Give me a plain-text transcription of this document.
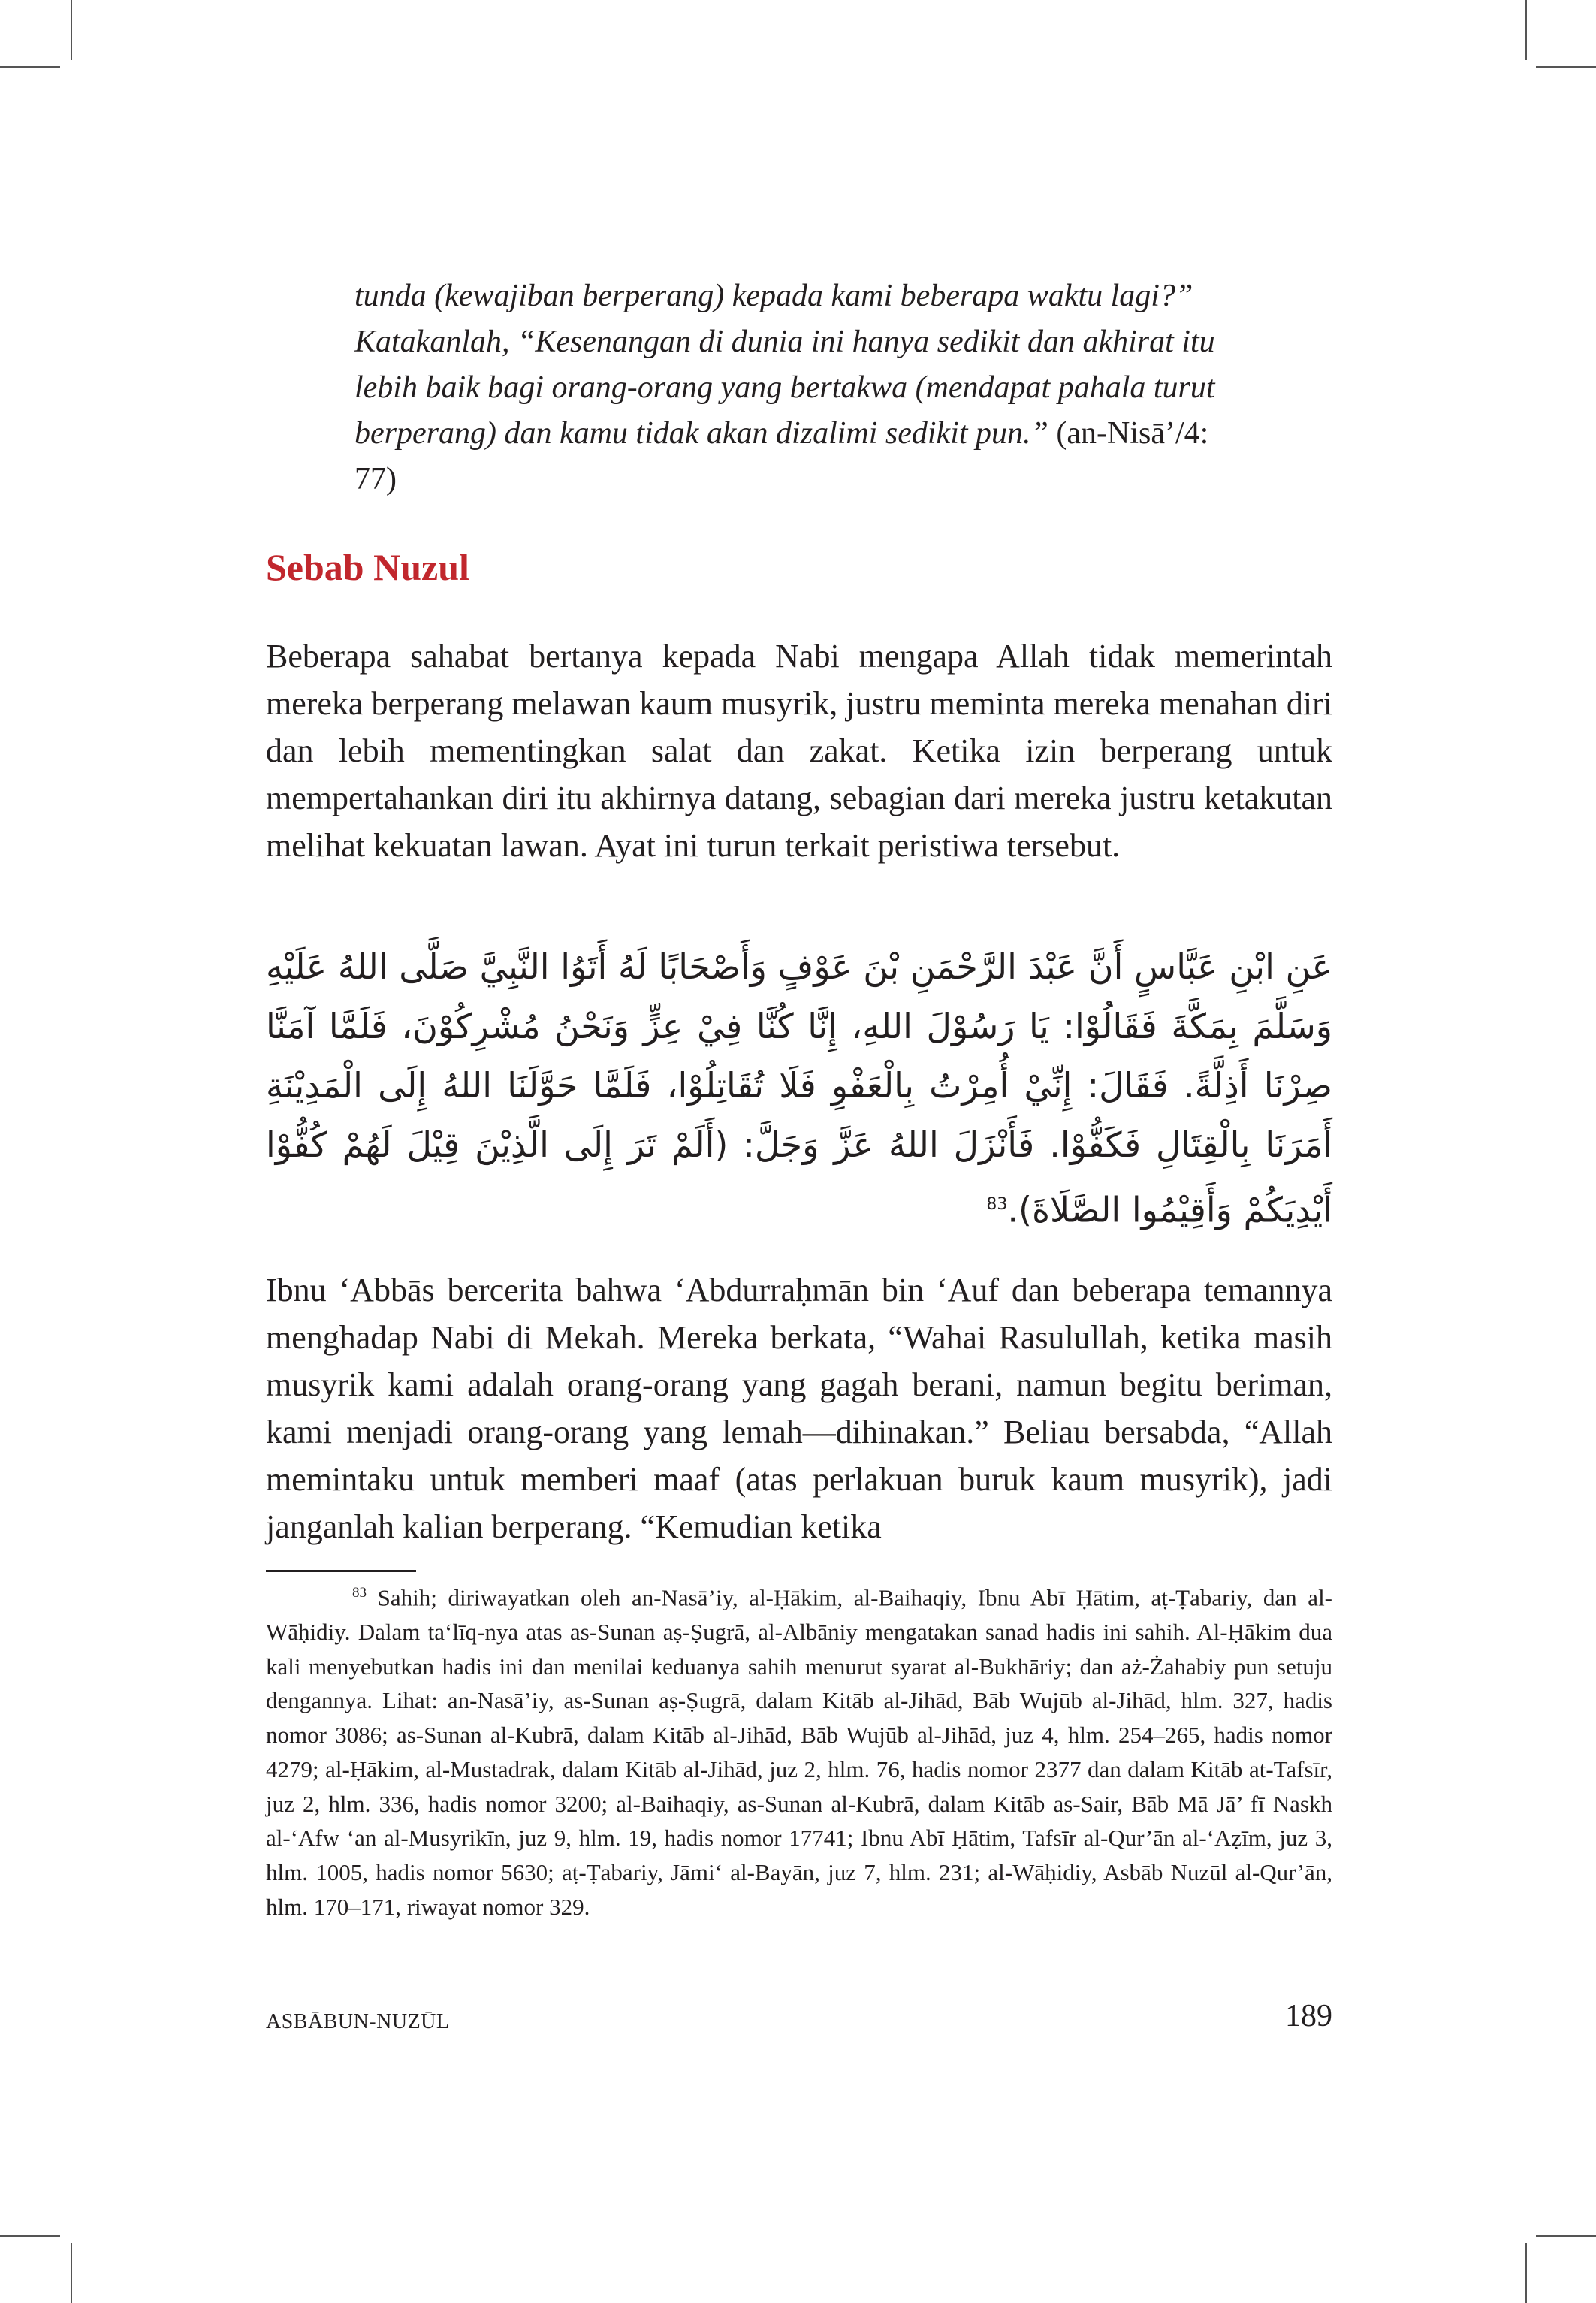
tunda (kewajiban berperang) kepada kami beberapa waktu lagi?” Katakanlah, “Kesenangan di dunia ini hanya sedikit dan akhirat itu lebih baik bagi orang-orang yang bertakwa (mendapat pahala turut berperang) dan kamu tidak akan dizalimi sedikit pun.” (an-Nisā’/4: 77)
Sebab Nuzul

Beberapa sahabat bertanya kepada Nabi mengapa Allah tidak memerintah mereka berperang melawan kaum musyrik, justru meminta mereka menahan diri dan lebih mementingkan salat dan zakat. Ketika izin berperang untuk mempertahankan diri itu akhirnya datang, sebagian dari mereka justru ketakutan melihat kekuatan lawan. Ayat ini turun terkait peristiwa tersebut.

عَنِ ابْنِ عَبَّاسٍ أَنَّ عَبْدَ الرَّحْمَنِ بْنَ عَوْفٍ وَأَصْحَابًا لَهُ أَتَوُا النَّبِيَّ صَلَّى اللهُ عَلَيْهِ وَسَلَّمَ بِمَكَّةَ فَقَالُوْا: يَا رَسُوْلَ اللهِ، إِنَّا كُنَّا فِيْ عِزٍّ وَنَحْنُ مُشْرِكُوْنَ، فَلَمَّا آمَنَّا صِرْنَا أَذِلَّةً. فَقَالَ: إِنِّيْ أُمِرْتُ بِالْعَفْوِ فَلَا تُقَاتِلُوْا، فَلَمَّا حَوَّلَنَا اللهُ إِلَى الْمَدِيْنَةِ أَمَرَنَا بِالْقِتَالِ فَكَفُّوْا. فَأَنْزَلَ اللهُ عَزَّ وَجَلَّ: (أَلَمْ تَرَ إِلَى الَّذِيْنَ قِيْلَ لَهُمْ كُفُّوْا أَيْدِيَكُمْ وَأَقِيْمُوا الصَّلَاةَ).$^{83}$

Ibnu ‘Abbās bercerita bahwa ‘Abdurraḥmān bin ‘Auf dan beberapa temannya menghadap Nabi di Mekah. Mereka berkata, “Wahai Rasulullah, ketika masih musyrik kami adalah orang-orang yang gagah berani, namun begitu beriman, kami menjadi orang-orang yang lemah—dihinakan.” Beliau bersabda, “Allah memintaku untuk memberi maaf (atas perlakuan buruk kaum musyrik), jadi janganlah kalian berperang. “Kemudian ketika

$^{83}$ Sahih; diriwayatkan oleh an-Nasā’iy, al-Ḥākim, al-Baihaqiy, Ibnu Abī Ḥātim, aṭ-Ṭabariy, dan al-Wāḥidiy. Dalam ta‘līq-nya atas as-Sunan aṣ-Ṣugrā, al-Albāniy mengatakan sanad hadis ini sahih. Al-Ḥākim dua kali menyebutkan hadis ini dan menilai keduanya sahih menurut syarat al-Bukhāriy; dan aż-Żahabiy pun setuju dengannya. Lihat: an-Nasā’iy, as-Sunan aṣ-Ṣugrā, dalam Kitāb al-Jihād, Bāb Wujūb al-Jihād, hlm. 327, hadis nomor 3086; as-Sunan al-Kubrā, dalam Kitāb al-Jihād, Bāb Wujūb al-Jihād, juz 4, hlm. 254–265, hadis nomor 4279; al-Ḥākim, al-Mustadrak, dalam Kitāb al-Jihād, juz 2, hlm. 76, hadis nomor 2377 dan dalam Kitāb at-Tafsīr, juz 2, hlm. 336, hadis nomor 3200; al-Baihaqiy, as-Sunan al-Kubrā, dalam Kitāb as-Sair, Bāb Mā Jā’ fī Naskh al-‘Afw ‘an al-Musyrikīn, juz 9, hlm. 19, hadis nomor 17741; Ibnu Abī Ḥātim, Tafsīr al-Qur’ān al-‘Aẓīm, juz 3, hlm. 1005, hadis nomor 5630; aṭ-Ṭabariy, Jāmi‘ al-Bayān, juz 7, hlm. 231; al-Wāḥidiy, Asbāb Nuzūl al-Qur’ān, hlm. 170–171, riwayat nomor 329.

ASBĀBUN-NUZŪL	189
